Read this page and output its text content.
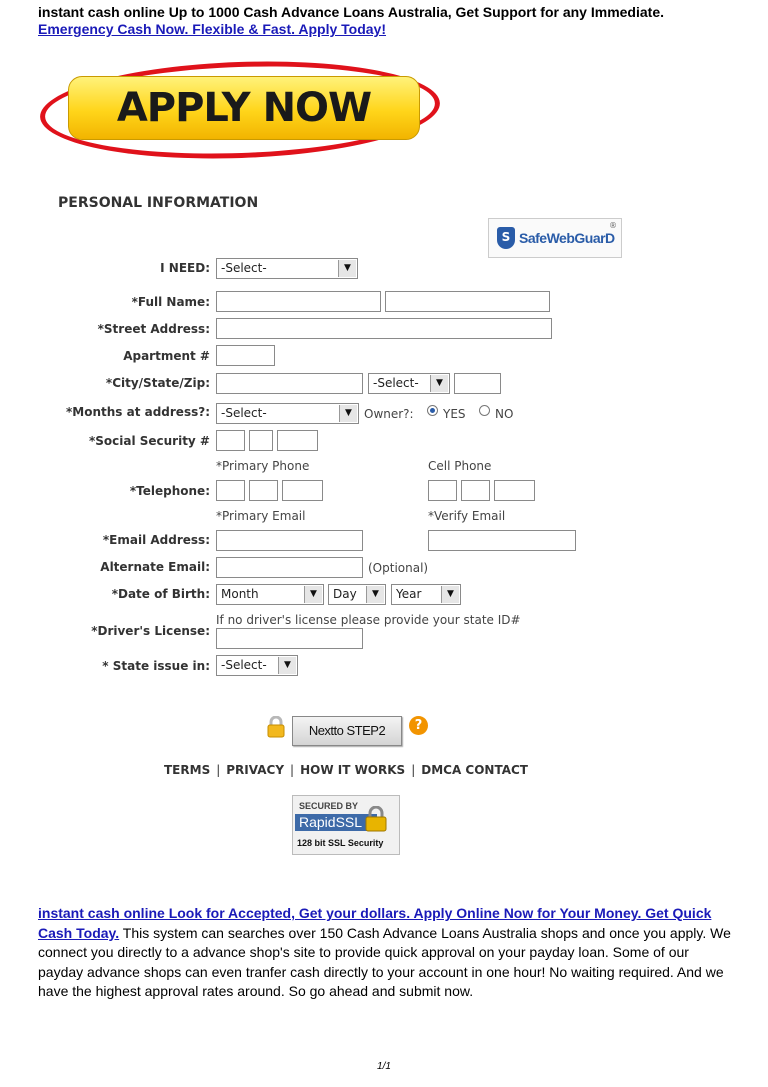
instant cash online Up to 1000 Cash Advance Loans Australia, Get Support for any Immediate.
Emergency Cash Now. Flexible & Fast. Apply Today!
APPLY NOW
PERSONAL INFORMATION
S SafeWebGuarD
®
I NEED: -Select-	▼
*Full Name:
*Street Address:
Apartment #
*City/State/Zip:	-Select-	▼
*Months at address?: -Select-	▼	Owner?: YES NO
*Social Security #
*Primary Phone	Cell Phone
*Telephone:
*Primary Email	*Verify Email
*Email Address:
Alternate Email:	(Optional)
*Date of Birth: Month	▼	Day	▼	Year	▼
If no driver's license please provide your state ID#
*Driver's License:
* State issue in: -Select-	▼
Nextto STEP2	?
TERMS | PRIVACY | HOW IT WORKS | DMCA CONTACT
SECURED BY
RapidSSL
128 bit SSL Security
instant cash online Look for Accepted, Get your dollars. Apply Online Now for Your Money. Get Quick Cash Today. This system can searches over 150 Cash Advance Loans Australia shops and once you apply. We connect you directly to a advance shop's site to provide quick approval on your payday loan. Some of our payday advance shops can even tranfer cash directly to your account in one hour! No waiting required. And we have the highest approval rates around. So go ahead and submit now.
1/1
